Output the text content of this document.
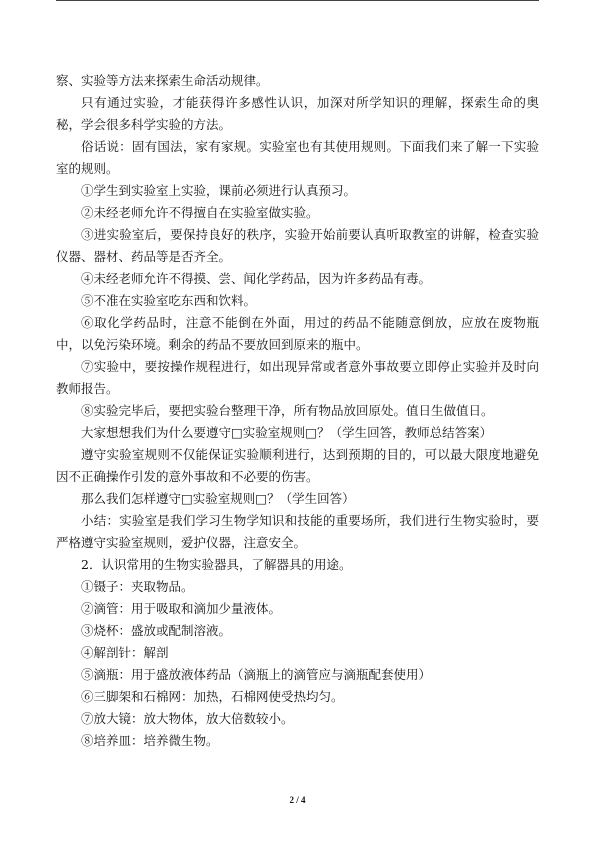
察、实验等方法来探索生命活动规律。

只有通过实验，才能获得许多感性认识，加深对所学知识的理解，探索生命的奥秘，学会很多科学实验的方法。

俗话说：固有国法，家有家规。实验室也有其使用规则。下面我们来了解一下实验室的规则。

①学生到实验室上实验，课前必须进行认真预习。

②未经老师允许不得擅自在实验室做实验。

③进实验室后，要保持良好的秩序，实验开始前要认真听取教室的讲解，检查实验仪器、器材、药品等是否齐全。

④未经老师允许不得摸、尝、闻化学药品，因为许多药品有毒。

⑤不准在实验室吃东西和饮料。

⑥取化学药品时，注意不能倒在外面，用过的药品不能随意倒放，应放在废物瓶中，以免污染环境。剩余的药品不要放回到原来的瓶中。

⑦实验中，要按操作规程进行，如出现异常或者意外事故要立即停止实验并及时向教师报告。

⑧实验完毕后，要把实验台整理干净，所有物品放回原处。值日生做值日。

大家想想我们为什么要遵守□实验室规则□？（学生回答，教师总结答案）

遵守实验室规则不仅能保证实验顺利进行，达到预期的目的，可以最大限度地避免因不正确操作引发的意外事故和不必要的伤害。

那么我们怎样遵守□实验室规则□？（学生回答）

小结：实验室是我们学习生物学知识和技能的重要场所，我们进行生物实验时，要严格遵守实验室规则，爱护仪器，注意安全。

2．认识常用的生物实验器具，了解器具的用途。

①镊子：夹取物品。

②滴管：用于吸取和滴加少量液体。

③烧杯：盛放或配制溶液。

④解剖针：解剖

⑤滴瓶：用于盛放液体药品（滴瓶上的滴管应与滴瓶配套使用）

⑥三脚架和石棉网：加热，石棉网使受热均匀。

⑦放大镜：放大物体，放大倍数较小。

⑧培养皿：培养微生物。

2 / 4
